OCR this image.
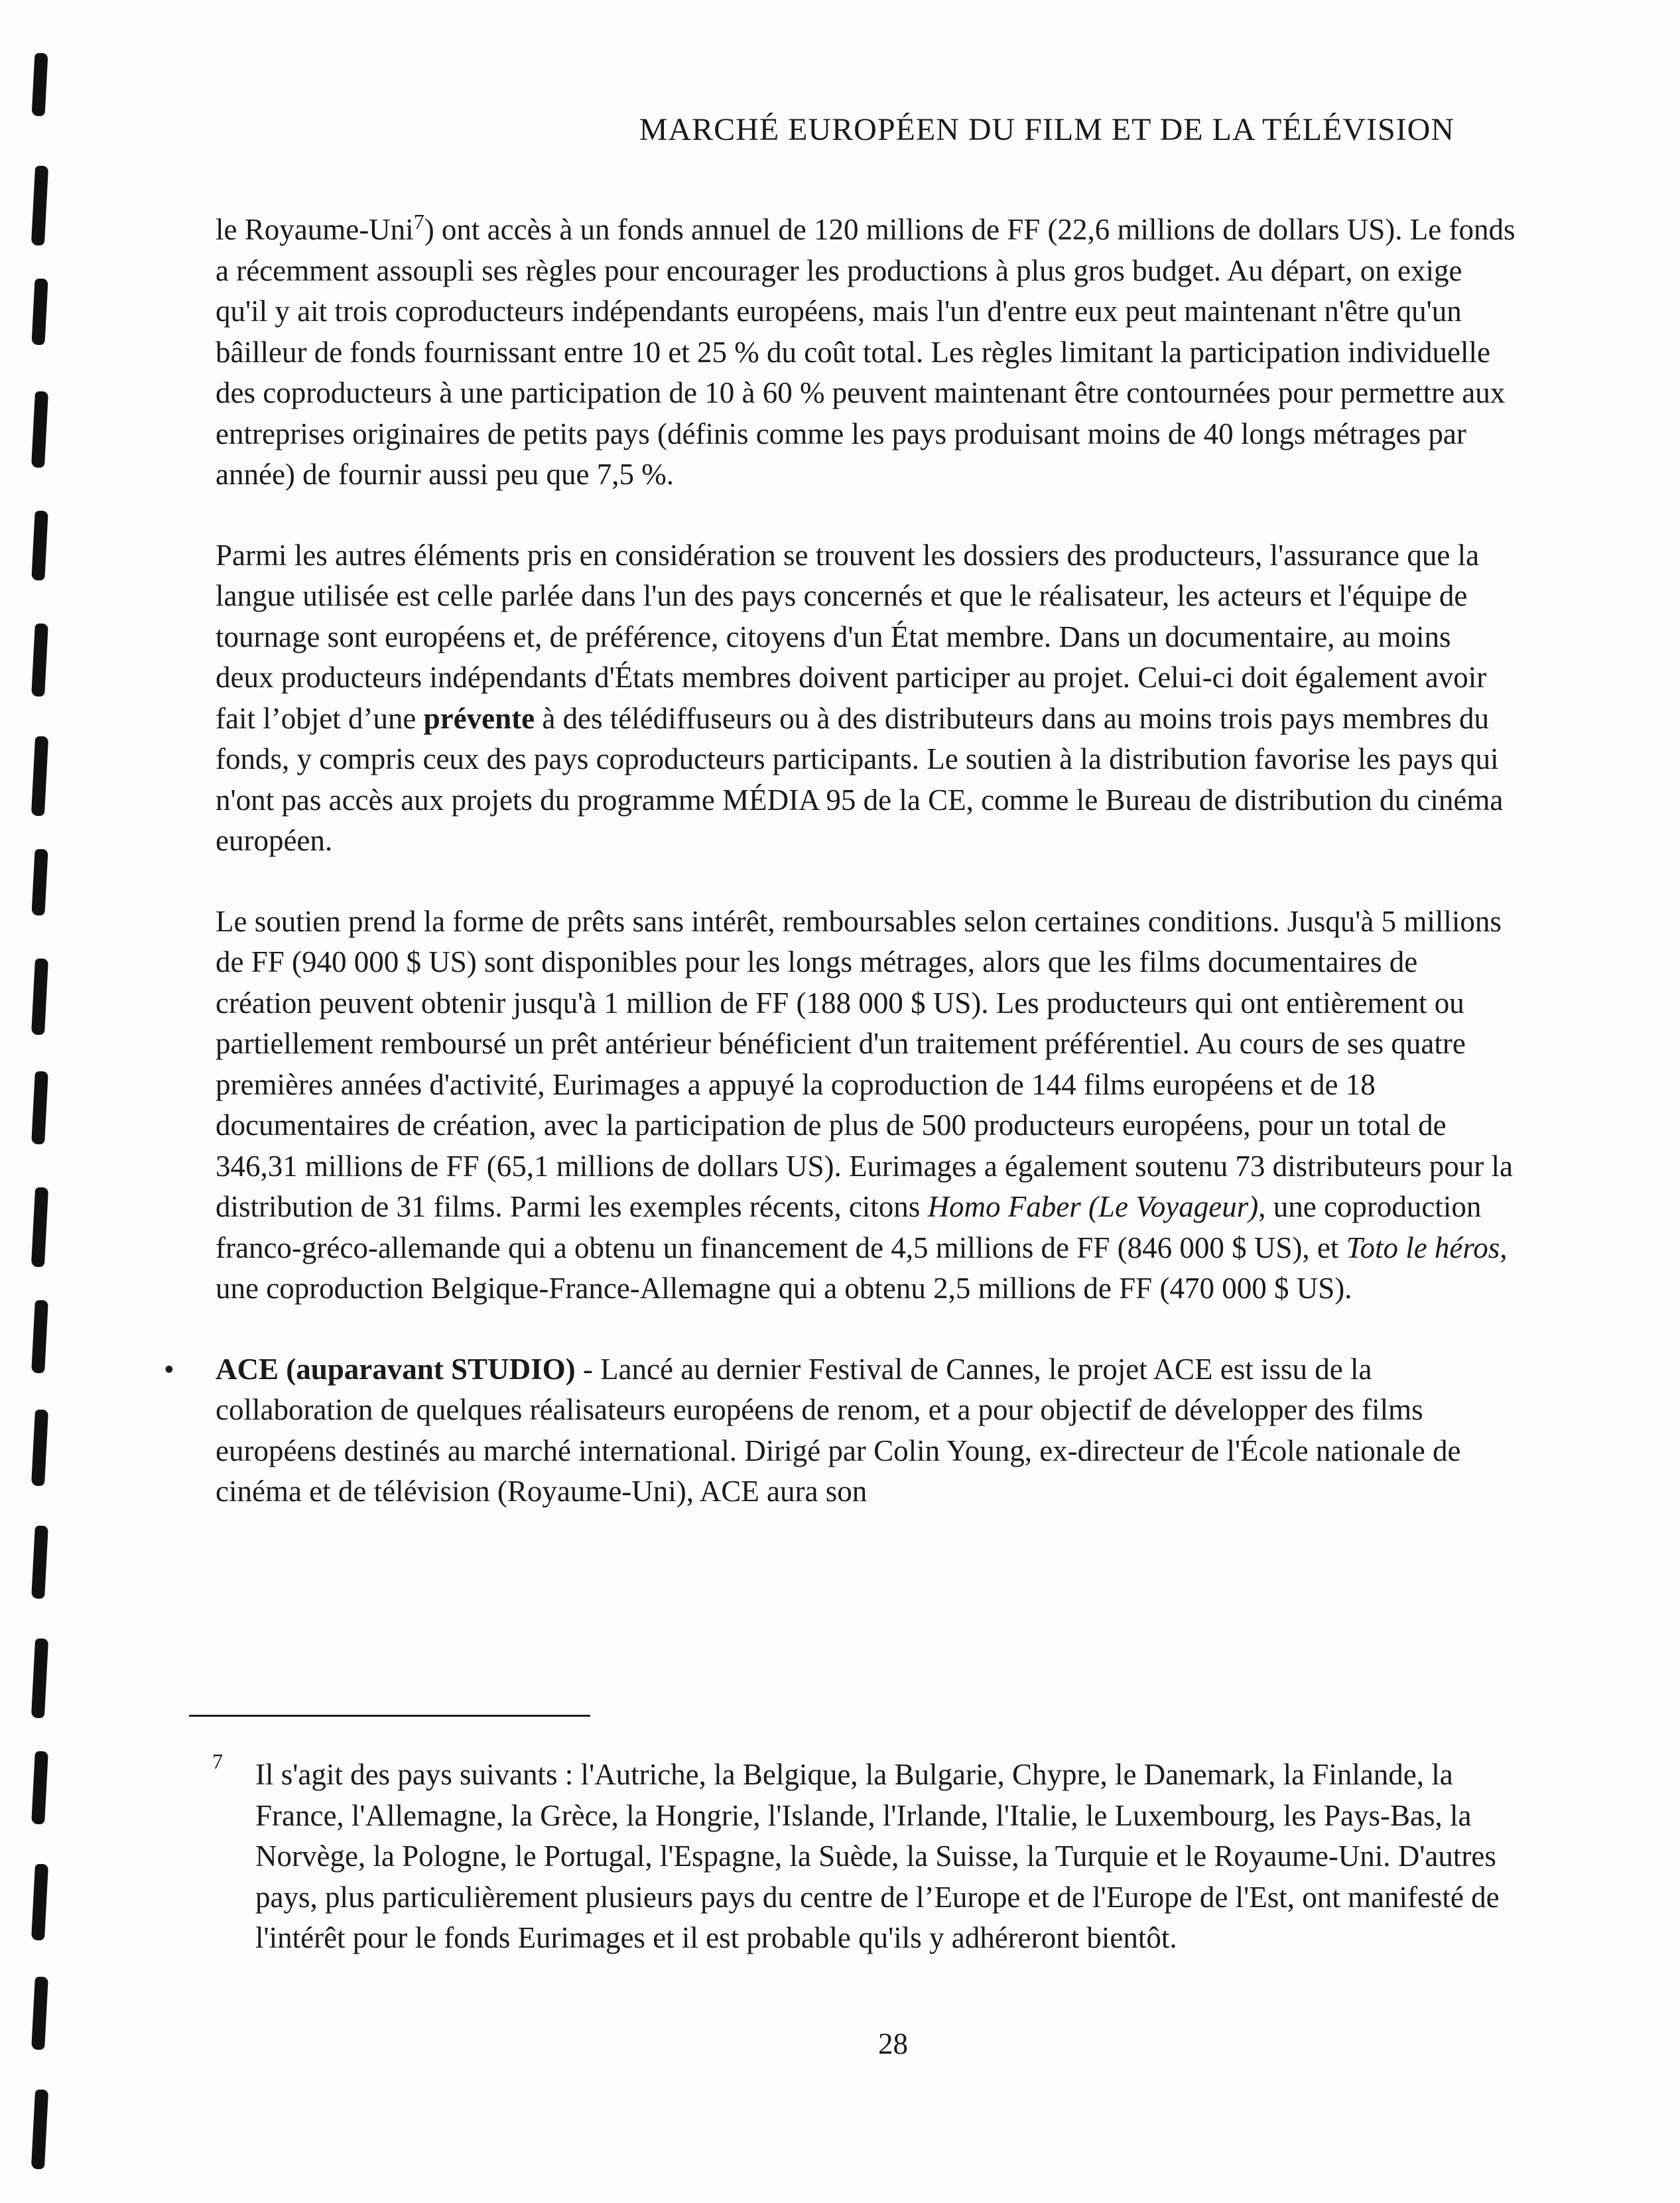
MARCHÉ EUROPÉEN DU FILM ET DE LA TÉLÉVISION

le Royaume-Uni$^7$) ont accès à un fonds annuel de 120 millions de FF (22,6 millions de dollars US). Le fonds a récemment assoupli ses règles pour encourager les productions à plus gros budget. Au départ, on exige qu'il y ait trois coproducteurs indépendants européens, mais l'un d'entre eux peut maintenant n'être qu'un bâilleur de fonds fournissant entre 10 et 25 % du coût total. Les règles limitant la participation individuelle des coproducteurs à une participation de 10 à 60 % peuvent maintenant être contournées pour permettre aux entreprises originaires de petits pays (définis comme les pays produisant moins de 40 longs métrages par année) de fournir aussi peu que 7,5 %.

Parmi les autres éléments pris en considération se trouvent les dossiers des producteurs, l'assurance que la langue utilisée est celle parlée dans l'un des pays concernés et que le réalisateur, les acteurs et l'équipe de tournage sont européens et, de préférence, citoyens d'un État membre. Dans un documentaire, au moins deux producteurs indépendants d'États membres doivent participer au projet. Celui-ci doit également avoir fait l’objet d’une prévente à des télédiffuseurs ou à des distributeurs dans au moins trois pays membres du fonds, y compris ceux des pays coproducteurs participants. Le soutien à la distribution favorise les pays qui n'ont pas accès aux projets du programme MÉDIA 95 de la CE, comme le Bureau de distribution du cinéma européen.

Le soutien prend la forme de prêts sans intérêt, remboursables selon certaines conditions. Jusqu'à 5 millions de FF (940 000 $ US) sont disponibles pour les longs métrages, alors que les films documentaires de création peuvent obtenir jusqu'à 1 million de FF (188 000 $ US). Les producteurs qui ont entièrement ou partiellement remboursé un prêt antérieur bénéficient d'un traitement préférentiel. Au cours de ses quatre premières années d'activité, Eurimages a appuyé la coproduction de 144 films européens et de 18 documentaires de création, avec la participation de plus de 500 producteurs européens, pour un total de 346,31 millions de FF (65,1 millions de dollars US). Eurimages a également soutenu 73 distributeurs pour la distribution de 31 films. Parmi les exemples récents, citons Homo Faber (Le Voyageur), une coproduction franco-gréco-allemande qui a obtenu un financement de 4,5 millions de FF (846 000 $ US), et Toto le héros, une coproduction Belgique-France-Allemagne qui a obtenu 2,5 millions de FF (470 000 $ US).

• ACE (auparavant STUDIO) - Lancé au dernier Festival de Cannes, le projet ACE est issu de la collaboration de quelques réalisateurs européens de renom, et a pour objectif de développer des films européens destinés au marché international. Dirigé par Colin Young, ex-directeur de l'École nationale de cinéma et de télévision (Royaume-Uni), ACE aura son

7 Il s'agit des pays suivants : l'Autriche, la Belgique, la Bulgarie, Chypre, le Danemark, la Finlande, la France, l'Allemagne, la Grèce, la Hongrie, l'Islande, l'Irlande, l'Italie, le Luxembourg, les Pays-Bas, la Norvège, la Pologne, le Portugal, l'Espagne, la Suède, la Suisse, la Turquie et le Royaume-Uni. D'autres pays, plus particulièrement plusieurs pays du centre de l’Europe et de l'Europe de l'Est, ont manifesté de l'intérêt pour le fonds Eurimages et il est probable qu'ils y adhéreront bientôt.
28
